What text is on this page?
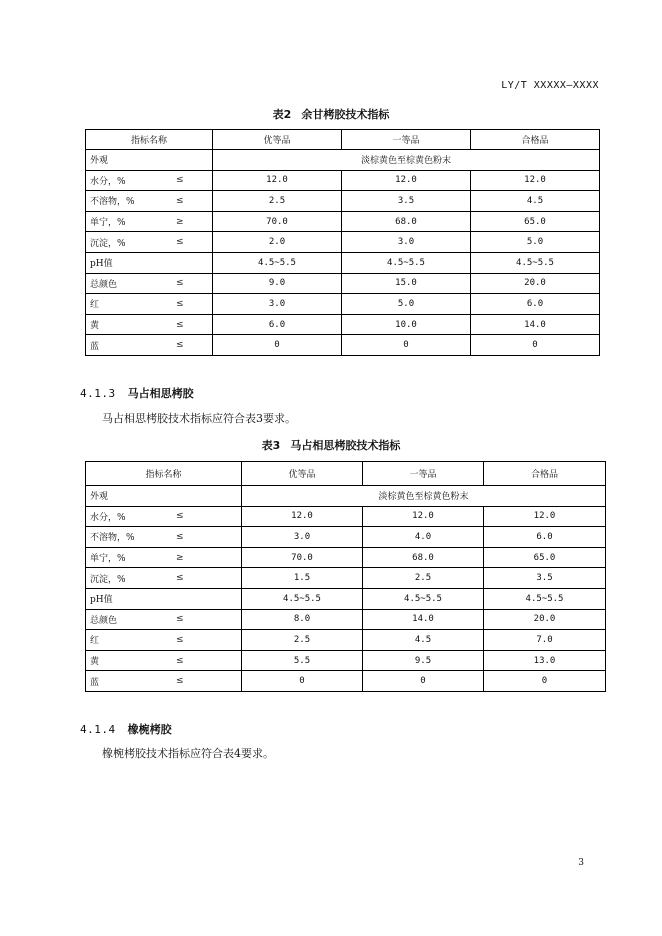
LY/T XXXXX—XXXX
表2 余甘栲胶技术指标
指标名称	优等品	一等品	合格品
外观	淡棕黄色至棕黄色粉末		
水分，% ≤	12.0	12.0	12.0
不溶物，% ≤	2.5	3.5	4.5
单宁，% ≥	70.0	68.0	65.0
沉淀，% ≤	2.0	3.0	5.0
pH值	4.5~5.5	4.5~5.5	4.5~5.5
总颜色 ≤	9.0	15.0	20.0
红 ≤	3.0	5.0	6.0
黄 ≤	6.0	10.0	14.0
蓝 ≤	0	0	0
4.1.3 马占相思栲胶
马占相思栲胶技术指标应符合表3要求。
表3 马占相思栲胶技术指标
指标名称	优等品	一等品	合格品
外观	淡棕黄色至棕黄色粉末		
水分，% ≤	12.0	12.0	12.0
不溶物，% ≤	3.0	4.0	6.0
单宁，% ≥	70.0	68.0	65.0
沉淀，% ≤	1.5	2.5	3.5
pH值	4.5~5.5	4.5~5.5	4.5~5.5
总颜色 ≤	8.0	14.0	20.0
红 ≤	2.5	4.5	7.0
黄 ≤	5.5	9.5	13.0
蓝 ≤	0	0	0
4.1.4 橡椀栲胶
橡椀栲胶技术指标应符合表4要求。
3
